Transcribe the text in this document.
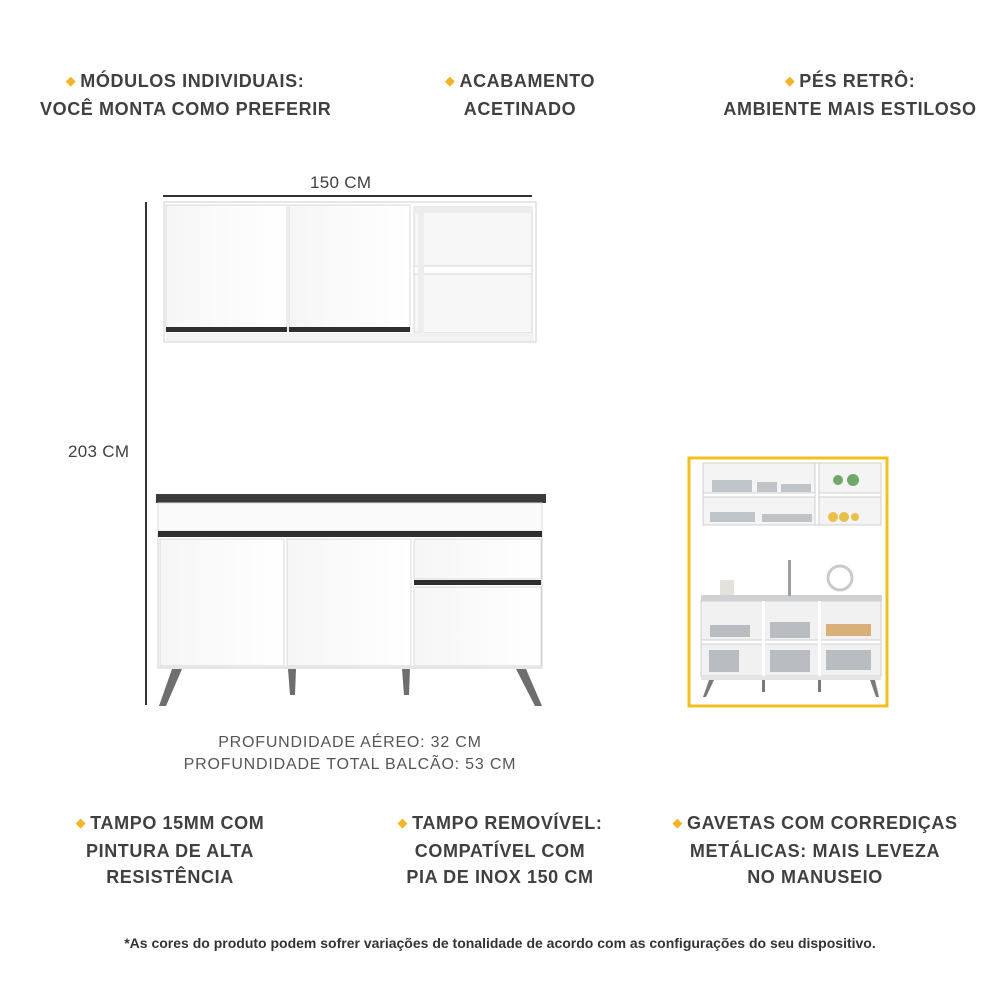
◆ MÓDULOS INDIVIDUAIS:
VOCÊ MONTA COMO PREFERIR
◆ ACABAMENTO
ACETINADO
◆ PÉS RETRÔ:
AMBIENTE MAIS ESTILOSO
150 CM
203 CM
PROFUNDIDADE AÉREO: 32 CM
PROFUNDIDADE TOTAL BALCÃO: 53 CM
◆ TAMPO 15MM COM
PINTURA DE ALTA
RESISTÊNCIA
◆ TAMPO REMOVÍVEL:
COMPATÍVEL COM
PIA DE INOX 150 CM
◆ GAVETAS COM CORREDIÇAS
METÁLICAS: MAIS LEVEZA
NO MANUSEIO
*As cores do produto podem sofrer variações de tonalidade de acordo com as configurações do seu dispositivo.
